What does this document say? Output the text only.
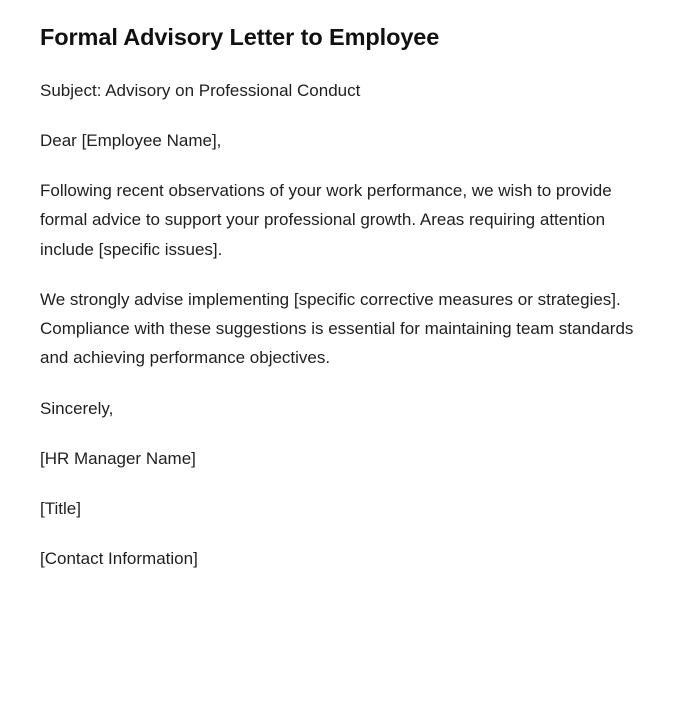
Formal Advisory Letter to Employee

Subject: Advisory on Professional Conduct

Dear [Employee Name],

Following recent observations of your work performance, we wish to provide formal advice to support your professional growth. Areas requiring attention include [specific issues].

We strongly advise implementing [specific corrective measures or strategies]. Compliance with these suggestions is essential for maintaining team standards and achieving performance objectives.

Sincerely,

[HR Manager Name]

[Title]

[Contact Information]
